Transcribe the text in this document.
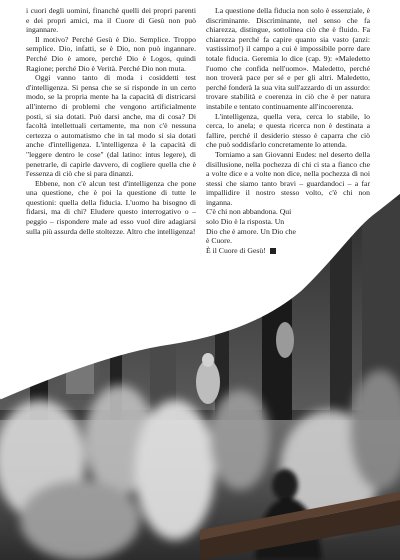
i cuori degli uomini, financhè quelli dei propri parenti e dei propri amici, ma il Cuore di Gesù non può ingannare.

Il motivo? Perché Gesù è Dio. Semplice. Troppo semplice. Dio, infatti, se è Dio, non può ingannare. Perché Dio è amore, perché Dio è Logos, quindi Ragione; perché Dio è Verità. Perché Dio non muta.

Oggi vanno tanto di moda i cosiddetti test d'intelligenza. Si pensa che se si risponde in un certo modo, se la propria mente ha la capacità di districarsi all'interno di problemi che vengono artificialmente posti, si sia dotati. Può darsi anche, ma di cosa? Di facoltà intellettuali certamente, ma non c'è nessuna certezza o automatismo che in tal modo si sia dotati anche d'intelligenza. L'intelligenza è la capacità di "leggere dentro le cose" (dal latino: intus legere), di penetrarle, di capirle davvero, di cogliere quella che è l'essenza di ciò che si para dinanzi.

Ebbene, non c'è alcun test d'intelligenza che pone una questione, che è poi la questione di tutte le questioni: quella della fiducia. L'uomo ha bisogno di fidarsi, ma di chi? Eludere questo interrogativo o – peggio – rispondere male ad esso vuol dire adagiarsi sulla più assurda delle stoltezze. Altro che intelligenza!

La questione della fiducia non solo è essenziale, è discriminante. Discriminante, nel senso che fa chiarezza, distingue, sottolinea ciò che è fluido. Fa chiarezza perché fa capire quanto sia vasto (anzi: vastissimo!) il campo a cui è impossibile porre dare totale fiducia. Geremia lo dice (cap. 9): «Maledetto l'uomo che confida nell'uomo». Maledetto, perché non troverà pace per sé e per gli altri. Maledetto, perché fonderà la sua vita sull'azzardo di un assurdo: trovare stabilità e coerenza in ciò che è per natura instabile e tentato continuamente all'incoerenza.

L'intelligenza, quella vera, cerca lo stabile, lo cerca, lo anela; e questa ricerca non è destinata a fallire, perché il desiderio stesso è caparra che ciò che può soddisfarlo concretamente lo attenda.

Torniamo a san Giovanni Eudes: nel deserto della disillusione, nella pochezza di chi ci sta a fianco che a volte dice e a volte non dice, nella pochezza di noi stessi che siamo tanto bravi – guardandoci – a far impallidire il nostro stesso volto, c'è chi non inganna.

C'è chi non abbandona. Qui

solo Dio è la risposta. Un

Dio che è amore. Un Dio che

è Cuore.

È il Cuore di Gesù!
